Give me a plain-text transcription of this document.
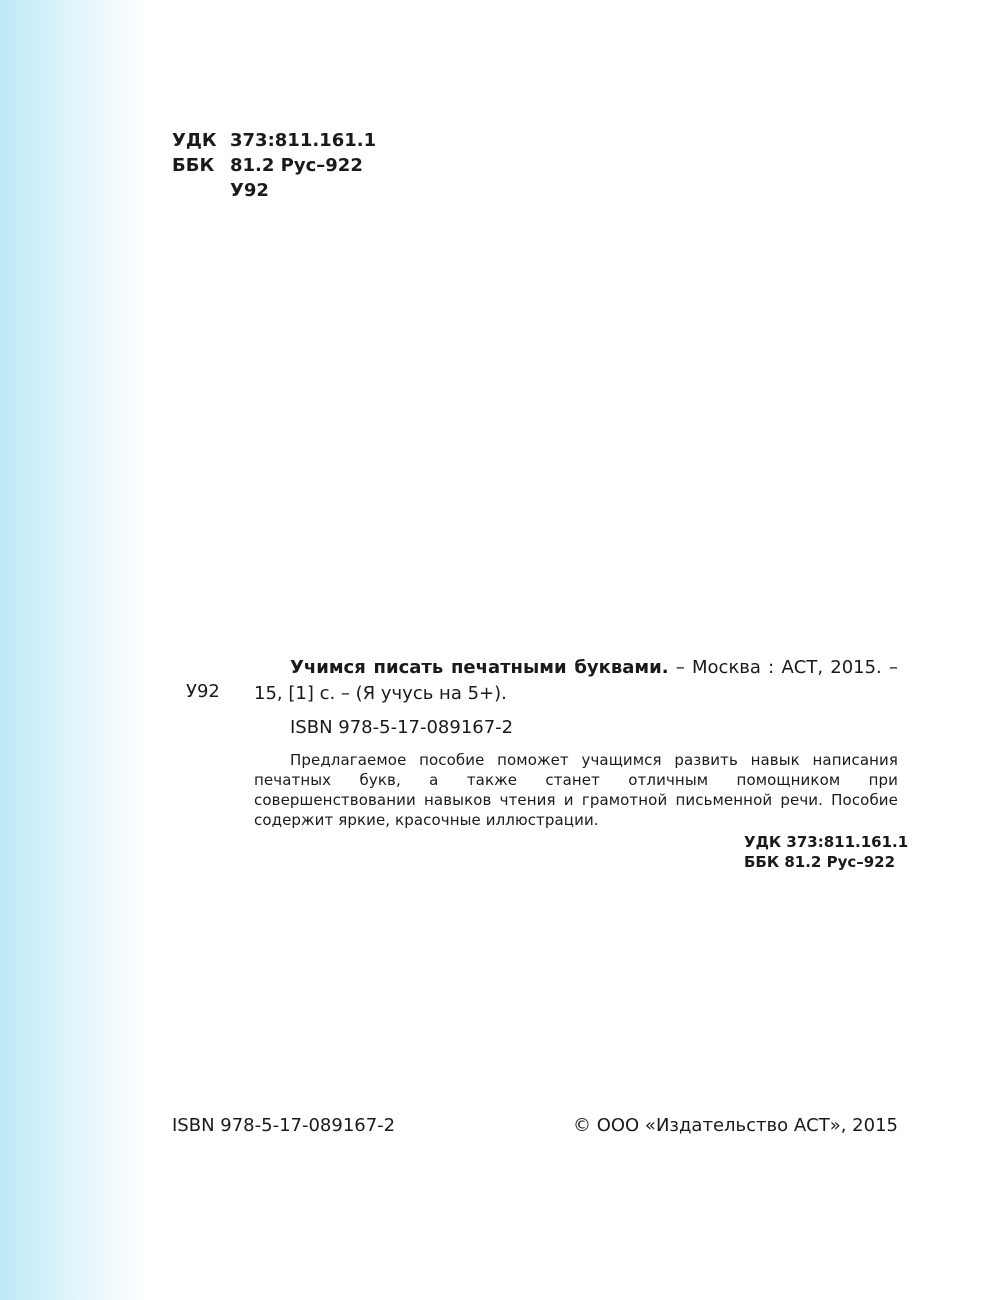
УДК 373:811.161.1
ББК 81.2 Рус–922
У92
У92

Учимся писать печатными буквами. – Москва : АСТ, 2015. – 15, [1] с. – (Я учусь на 5+).

ISBN 978-5-17-089167-2

Предлагаемое пособие поможет учащимся развить навык написания печатных букв, а также станет отличным помощником при совершенствовании навыков чтения и грамотной письменной речи. Пособие содержит яркие, красочные иллюстрации.

УДК 373:811.161.1
ББК 81.2 Рус–922
ISBN 978-5-17-089167-2	© ООО «Издательство АСТ», 2015
